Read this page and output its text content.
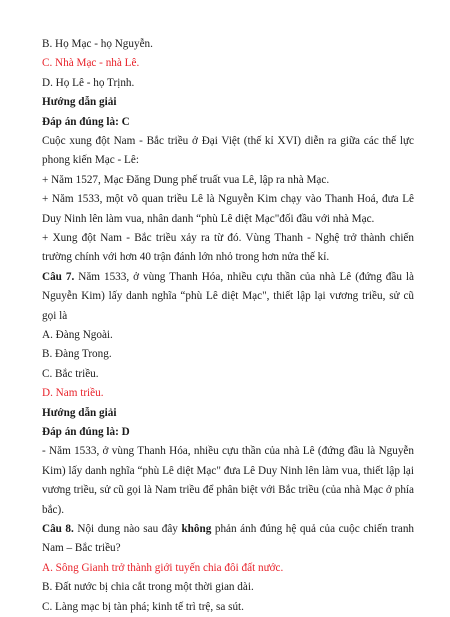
B. Họ Mạc - họ Nguyễn.
C. Nhà Mạc - nhà Lê.
D. Họ Lê - họ Trịnh.
Hướng dẫn giải
Đáp án đúng là: C
Cuộc xung đột Nam - Bắc triều ở Đại Việt (thế kỉ XVI) diễn ra giữa các thế lực phong kiến Mạc - Lê:
+ Năm 1527, Mạc Đăng Dung phế truất vua Lê, lập ra nhà Mạc.
+ Năm 1533, một võ quan triều Lê là Nguyễn Kim chạy vào Thanh Hoá, đưa Lê Duy Ninh lên làm vua, nhân danh “phù Lê diệt Mạc"đối đầu với nhà Mạc.
+ Xung đột Nam - Bắc triều xảy ra từ đó. Vùng Thanh - Nghệ trở thành chiến trường chính với hơn 40 trận đánh lớn nhỏ trong hơn nửa thế kỉ.
Câu 7. Năm 1533, ở vùng Thanh Hóa, nhiều cựu thần của nhà Lê (đứng đầu là Nguyễn Kim) lấy danh nghĩa “phù Lê diệt Mạc", thiết lập lại vương triều, sử cũ gọi là
A. Đàng Ngoài.
B. Đàng Trong.
C. Bắc triều.
D. Nam triều.
Hướng dẫn giải
Đáp án đúng là: D
- Năm 1533, ở vùng Thanh Hóa, nhiều cựu thần của nhà Lê (đứng đầu là Nguyễn Kim) lấy danh nghĩa “phù Lê diệt Mạc" đưa Lê Duy Ninh lên làm vua, thiết lập lại vương triều, sử cũ gọi là Nam triều để phân biệt với Bắc triều (của nhà Mạc ở phía bắc).
Câu 8. Nội dung nào sau đây không phản ánh đúng hệ quả của cuộc chiến tranh Nam – Bắc triều?
A. Sông Gianh trở thành giới tuyến chia đôi đất nước.
B. Đất nước bị chia cắt trong một thời gian dài.
C. Làng mạc bị tàn phá; kinh tế trì trệ, sa sút.
